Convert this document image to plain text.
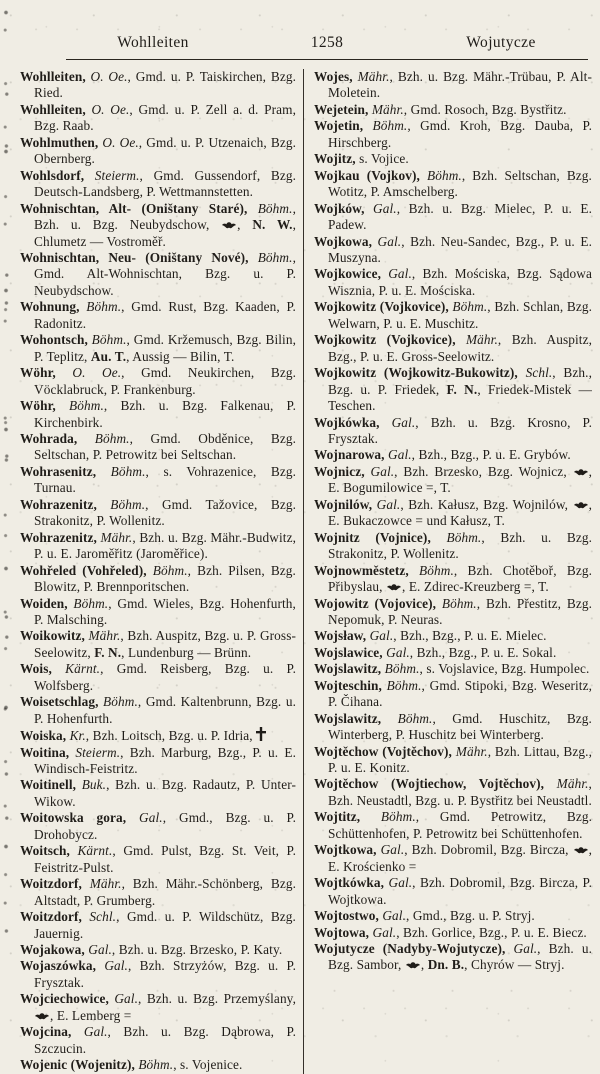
Wohlleiten	1258	Wojutycze

Wohlleiten, O. Oe., Gmd. u. P. Taiskirchen, Bzg. Ried.

Wohlleiten, O. Oe., Gmd. u. P. Zell a. d. Pram, Bzg. Raab.

Wohlmuthen, O. Oe., Gmd. u. P. Utzenaich, Bzg. Obernberg.

Wohlsdorf, Steierm., Gmd. Gussendorf, Bzg. Deutsch-Landsberg, P. Wettmannstetten.

Wohnischtan, Alt- (Oništany Staré), Böhm., Bzh. u. Bzg. Neubydschow,
, N. W., Chlumetz — Vostroměř.

Wohnischtan, Neu- (Oništany Nové), Böhm., Gmd. Alt-Wohnischtan, Bzg. u. P. Neubydschow.

Wohnung, Böhm., Gmd. Rust, Bzg. Kaaden, P. Radonitz.

Wohontsch, Böhm., Gmd. Kržemusch, Bzg. Bilin, P. Teplitz, Au. T., Aussig — Bilin, T.

Wöhr, O. Oe., Gmd. Neukirchen, Bzg. Vöcklabruck, P. Frankenburg.

Wöhr, Böhm., Bzh. u. Bzg. Falkenau, P. Kirchenbirk.

Wohrada, Böhm., Gmd. Obděnice, Bzg. Seltschan, P. Petrowitz bei Seltschan.

Wohrasenitz, Böhm., s. Vohrazenice, Bzg. Turnau.

Wohrazenitz, Böhm., Gmd. Tažovice, Bzg. Strakonitz, P. Wollenitz.

Wohrazenitz, Mähr., Bzh. u. Bzg. Mähr.-Budwitz, P. u. E. Jaroměřitz (Jaroměřice).

Wohřeled (Vohřeled), Böhm., Bzh. Pilsen, Bzg. Blowitz, P. Brennporitschen.

Woiden, Böhm., Gmd. Wieles, Bzg. Hohenfurth, P. Malsching.

Woikowitz, Mähr., Bzh. Auspitz, Bzg. u. P. Gross-Seelowitz, F. N., Lundenburg — Brünn.

Wois, Kärnt., Gmd. Reisberg, Bzg. u. P. Wolfsberg.

Woisetschlag, Böhm., Gmd. Kaltenbrunn, Bzg. u. P. Hohenfurth.

Woiska, Kr., Bzh. Loitsch, Bzg. u. P. Idria,

Woitina, Steierm., Bzh. Marburg, Bzg., P. u. E. Windisch-Feistritz.

Woitinell, Buk., Bzh. u. Bzg. Radautz, P. Unter-Wikow.

Woitowska gora, Gal., Gmd., Bzg. u. P. Drohobycz.

Woitsch, Kärnt., Gmd. Pulst, Bzg. St. Veit, P. Feistritz-Pulst.

Woitzdorf, Mähr., Bzh. Mähr.-Schönberg, Bzg. Altstadt, P. Grumberg.

Woitzdorf, Schl., Gmd. u. P. Wildschütz, Bzg. Jauernig.

Wojakowa, Gal., Bzh. u. Bzg. Brzesko, P. Katy.

Wojaszówka, Gal., Bzh. Strzyżów, Bzg. u. P. Frysztak.

Wojciechowice, Gal., Bzh. u. Bzg. Przemyślany,
, E. Lemberg =

Wojcina, Gal., Bzh. u. Bzg. Dąbrowa, P. Szczucin.

Wojenic (Wojenitz), Böhm., s. Vojenice.

Wojes, Mähr., Bzh. u. Bzg. Mähr.-Trübau, P. Alt-Moletein.

Wejetein, Mähr., Gmd. Rosoch, Bzg. Bystřitz.

Wojetin, Böhm., Gmd. Kroh, Bzg. Dauba, P. Hirschberg.

Wojitz, s. Vojice.

Wojkau (Vojkov), Böhm., Bzh. Seltschan, Bzg. Wotitz, P. Amschelberg.

Wojków, Gal., Bzh. u. Bzg. Mielec, P. u. E. Padew.

Wojkowa, Gal., Bzh. Neu-Sandec, Bzg., P. u. E. Muszyna.

Wojkowice, Gal., Bzh. Mościska, Bzg. Sądowa Wisznia, P. u. E. Mościska.

Wojkowitz (Vojkovice), Böhm., Bzh. Schlan, Bzg. Welwarn, P. u. E. Muschitz.

Wojkowitz (Vojkovice), Mähr., Bzh. Auspitz, Bzg., P. u. E. Gross-Seelowitz.

Wojkowitz (Wojkowitz-Bukowitz), Schl., Bzh., Bzg. u. P. Friedek, F. N., Friedek-Mistek — Teschen.

Wojkówka, Gal., Bzh. u. Bzg. Krosno, P. Frysztak.

Wojnarowa, Gal., Bzh., Bzg., P. u. E. Grybów.

Wojnicz, Gal., Bzh. Brzesko, Bzg. Wojnicz,
, E. Bogumilowice =, T.

Wojnilów, Gal., Bzh. Kałusz, Bzg. Wojnilów,
, E. Bukaczowce = und Kałusz, T.

Wojnitz (Vojnice), Böhm., Bzh. u. Bzg. Strakonitz, P. Wollenitz.

Wojnowměstetz, Böhm., Bzh. Chotěboř, Bzg. Přibyslau,
, E. Zdirec-Kreuzberg =, T.

Wojowitz (Vojovice), Böhm., Bzh. Přestitz, Bzg. Nepomuk, P. Neuras.

Wojsław, Gal., Bzh., Bzg., P. u. E. Mielec.

Wojslawice, Gal., Bzh., Bzg., P. u. E. Sokal.

Wojslawitz, Böhm., s. Vojslavice, Bzg. Humpolec.

Wojteschin, Böhm., Gmd. Stipoki, Bzg. Weseritz, P. Čihana.

Wojslawitz, Böhm., Gmd. Huschitz, Bzg. Winterberg, P. Huschitz bei Winterberg.

Wojtěchow (Vojtěchov), Mähr., Bzh. Littau, Bzg., P. u. E. Konitz.

Wojtěchow (Wojtiechow, Vojtěchov), Mähr., Bzh. Neustadtl, Bzg. u. P. Bystřitz bei Neustadtl.

Wojtitz, Böhm., Gmd. Petrowitz, Bzg. Schüttenhofen, P. Petrowitz bei Schüttenhofen.

Wojtkowa, Gal., Bzh. Dobromil, Bzg. Bircza,
, E. Krościenko =

Wojtkówka, Gal., Bzh. Dobromil, Bzg. Bircza, P. Wojtkowa.

Wojtostwo, Gal., Gmd., Bzg. u. P. Stryj.

Wojtowa, Gal., Bzh. Gorlice, Bzg., P. u. E. Biecz.

Wojutycze (Nadyby-Wojutycze), Gal., Bzh. u. Bzg. Sambor,
, Dn. B., Chyrów — Stryj.
